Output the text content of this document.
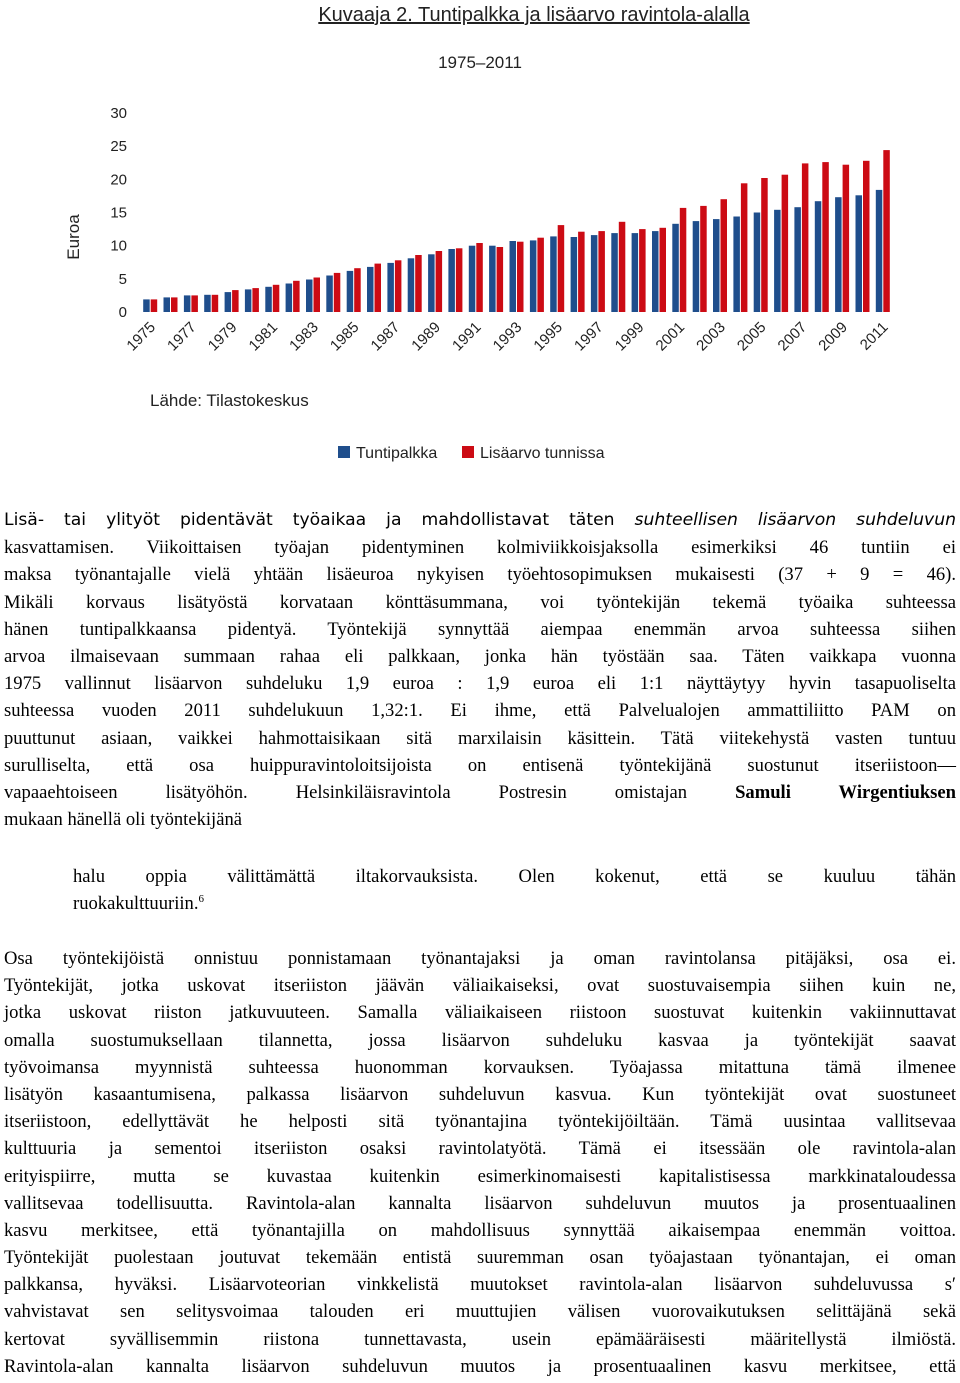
Kuvaaja 2. Tuntipalkka ja lisäarvo ravintola-alalla
1975–2011
Euroa
0
5
10
15
20
25
30
1975 1977 1979 1981 1983 1985 1987 1989 1991 1993 1995 1997 1999 2001 2003 2005 2007 2009 2011
Lähde: Tilastokeskus
Tuntipalkka	Lisäarvo tunnissa
Lisä- tai ylityöt pidentävät työaikaa ja mahdollistavat täten suhteellisen lisäarvon suhdeluvun
kasvattamisen. Viikoittaisen työajan pidentyminen kolmiviikkoisjaksolla esimerkiksi 46 tuntiin ei
maksa työnantajalle vielä yhtään lisäeuroa nykyisen työehtosopimuksen mukaisesti (37 + 9 = 46).
Mikäli korvaus lisätyöstä korvataan könttäsummana, voi työntekijän tekemä työaika suhteessa
hänen tuntipalkkaansa pidentyä. Työntekijä synnyttää aiempaa enemmän arvoa suhteessa siihen
arvoa ilmaisevaan summaan rahaa eli palkkaan, jonka hän työstään saa. Täten vaikkapa vuonna
1975 vallinnut lisäarvon suhdeluku 1,9 euroa : 1,9 euroa eli 1:1 näyttäytyy hyvin tasapuoliselta
suhteessa vuoden 2011 suhdelukuun 1,32:1. Ei ihme, että Palvelualojen ammattiliitto PAM on
puuttunut asiaan, vaikkei hahmottaisikaan sitä marxilaisin käsittein. Tätä viitekehystä vasten tuntuu
surulliselta, että osa huippuravintoloitsijoista on entisenä työntekijänä suostunut itseriistoon—
vapaaehtoiseen lisätyöhön. Helsinkiläisravintola Postresin omistajan Samuli Wirgentiuksen
mukaan hänellä oli työntekijänä
halu oppia välittämättä iltakorvauksista. Olen kokenut, että se kuuluu tähän
ruokakulttuuriin.$^6$
Osa työntekijöistä onnistuu ponnistamaan työnantajaksi ja oman ravintolansa pitäjäksi, osa ei.
Työntekijät, jotka uskovat itseriiston jäävän väliaikaiseksi, ovat suostuvaisempia siihen kuin ne,
jotka uskovat riiston jatkuvuuteen. Samalla väliaikaiseen riistoon suostuvat kuitenkin vakiinnuttavat
omalla suostumuksellaan tilannetta, jossa lisäarvon suhdeluku kasvaa ja työntekijät saavat
työvoimansa myynnistä suhteessa huonomman korvauksen. Työajassa mitattuna tämä ilmenee
lisätyön kasaantumisena, palkassa lisäarvon suhdeluvun kasvua. Kun työntekijät ovat suostuneet
itseriistoon, edellyttävät he helposti sitä työnantajina työntekijöiltään. Tämä uusintaa vallitsevaa
kulttuuria ja sementoi itseriiston osaksi ravintolatyötä. Tämä ei itsessään ole ravintola-alan
erityispiirre, mutta se kuvastaa kuitenkin esimerkinomaisesti kapitalistisessa markkinataloudessa
vallitsevaa todellisuutta. Ravintola-alan kannalta lisäarvon suhdeluvun muutos ja prosentuaalinen
kasvu merkitsee, että työnantajilla on mahdollisuus synnyttää aikaisempaa enemmän voittoa.
Työntekijät puolestaan joutuvat tekemään entistä suuremman osan työajastaan työnantajan, ei oman
palkkansa, hyväksi. Lisäarvoteorian vinkkelistä muutokset ravintola-alan lisäarvon suhdeluvussa s′
vahvistavat sen selitysvoimaa talouden eri muuttujien välisen vuorovaikutuksen selittäjänä sekä
kertovat syvällisemmin riistona tunnettavasta, usein epämääräisesti määritellystä ilmiöstä.
Ravintola-alan kannalta lisäarvon suhdeluvun muutos ja prosentuaalinen kasvu merkitsee, että
